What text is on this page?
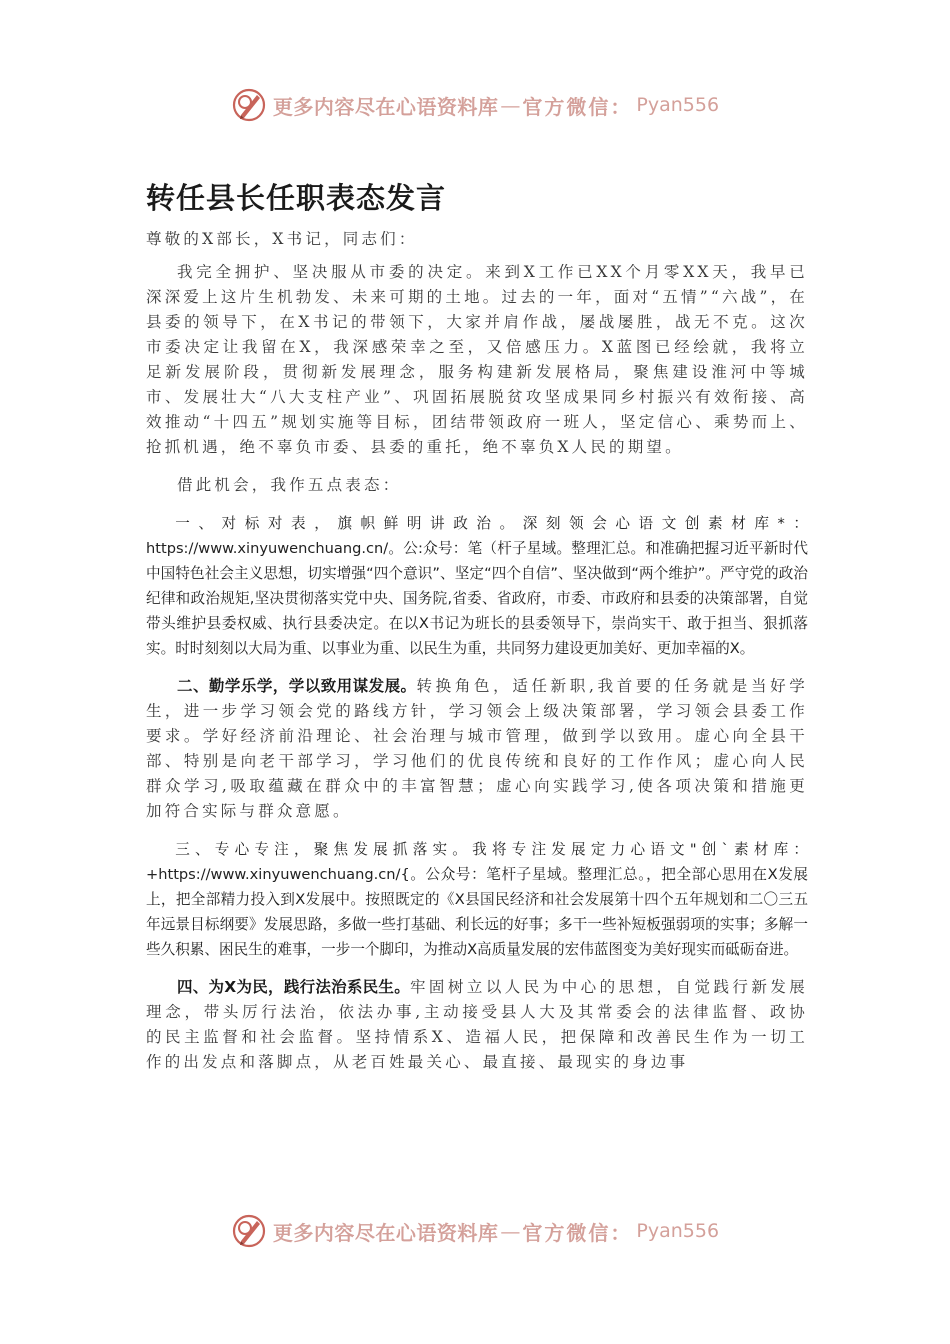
更多内容尽在心语资料库 — 官方微信： Pyan556
转任县长任职表态发言

尊敬的X部长，X书记，同志们：

我完全拥护、坚决服从市委的决定。来到X工作已XX个月零XX天，我早已深深爱上这片生机勃发、未来可期的土地。过去的一年，面对“五情”“六战”，在县委的领导下，在X书记的带领下，大家并肩作战，屡战屡胜，战无不克。这次市委决定让我留在X，我深感荣幸之至，又倍感压力。X蓝图已经绘就，我将立足新发展阶段，贯彻新发展理念，服务构建新发展格局，聚焦建设淮河中等城市、发展壮大“八大支柱产业”、巩固拓展脱贫攻坚成果同乡村振兴有效衔接、高效推动“十四五”规划实施等目标，团结带领政府一班人，坚定信心、乘势而上、抢抓机遇，绝不辜负市委、县委的重托，绝不辜负X人民的期望。

借此机会，我作五点表态：

一、对标对表，旗帜鲜明讲政治。深刻领会心语文创素材库*：https://www.xinyuwenchuang.cn/。公:众号：笔（杆子星域。整理汇总。和准确把握习近平新时代中国特色社会主义思想，切实增强“四个意识”、坚定“四个自信”、坚决做到“两个维护”。严守党的政治纪律和政治规矩,坚决贯彻落实党中央、国务院,省委、省政府，市委、市政府和县委的决策部署，自觉带头维护县委权威、执行县委决定。在以X书记为班长的县委领导下，崇尚实干、敢于担当、狠抓落实。时时刻刻以大局为重、以事业为重、以民生为重，共同努力建设更加美好、更加幸福的X。

二、勤学乐学，学以致用谋发展。转换角色，适任新职,我首要的任务就是当好学生，进一步学习领会党的路线方针，学习领会上级决策部署，学习领会县委工作要求。学好经济前沿理论、社会治理与城市管理，做到学以致用。虚心向全县干部、特别是向老干部学习，学习他们的优良传统和良好的工作作风；虚心向人民群众学习,吸取蕴藏在群众中的丰富智慧；虚心向实践学习,使各项决策和措施更加符合实际与群众意愿。

三、专心专注，聚焦发展抓落实。我将专注发展定力心语文"创`素材库：+https://www.xinyuwenchuang.cn/{。公众号：笔杆子星域。整理汇总。，把全部心思用在X发展上，把全部精力投入到X发展中。按照既定的《X县国民经济和社会发展第十四个五年规划和二〇三五年远景目标纲要》发展思路，多做一些打基础、利长远的好事；多干一些补短板强弱项的实事；多解一些久积累、困民生的难事，一步一个脚印，为推动X高质量发展的宏伟蓝图变为美好现实而砥砺奋进。

四、为X为民，践行法治系民生。牢固树立以人民为中心的思想，自觉践行新发展理念，带头厉行法治，依法办事,主动接受县人大及其常委会的法律监督、政协的民主监督和社会监督。坚持情系X、造福人民，把保障和改善民生作为一切工作的出发点和落脚点，从老百姓最关心、最直接、最现实的身边事

更多内容尽在心语资料库 — 官方微信： Pyan556
